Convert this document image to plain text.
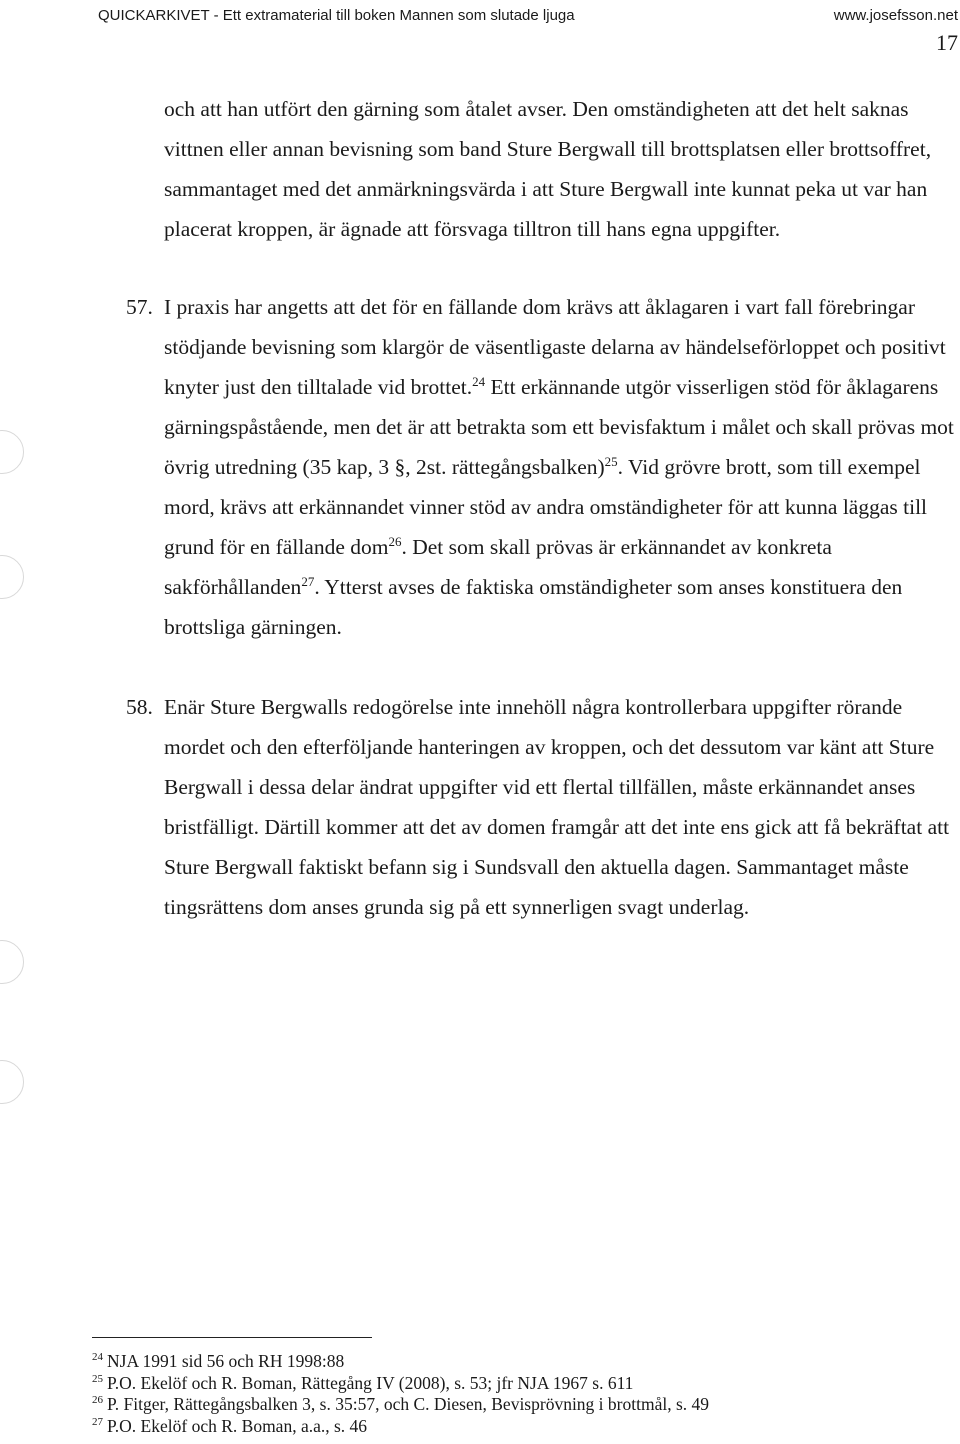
QUICKARKIVET - Ett extramaterial till boken Mannen som slutade ljuga	www.josefsson.net
17

och att han utfört den gärning som åtalet avser. Den omständigheten att det helt saknas vittnen eller annan bevisning som band Sture Bergwall till brottsplatsen eller brottsoffret, sammantaget med det anmärkningsvärda i att Sture Bergwall inte kunnat peka ut var han placerat kroppen, är ägnade att försvaga tilltron till hans egna uppgifter.

57. I praxis har angetts att det för en fällande dom krävs att åklagaren i vart fall förebringar stödjande bevisning som klargör de väsentligaste delarna av händelseförloppet och positivt knyter just den tilltalade vid brottet.$^{24}$ Ett erkännande utgör visserligen stöd för åklagarens gärningspåstående, men det är att betrakta som ett bevisfaktum i målet och skall prövas mot övrig utredning (35 kap, 3 §, 2st. rättegångsbalken)$^{25}$. Vid grövre brott, som till exempel mord, krävs att erkännandet vinner stöd av andra omständigheter för att kunna läggas till grund för en fällande dom$^{26}$. Det som skall prövas är erkännandet av konkreta sakförhållanden$^{27}$. Ytterst avses de faktiska omständigheter som anses konstituera den brottsliga gärningen.

58. Enär Sture Bergwalls redogörelse inte innehöll några kontrollerbara uppgifter rörande mordet och den efterföljande hanteringen av kroppen, och det dessutom var känt att Sture Bergwall i dessa delar ändrat uppgifter vid ett flertal tillfällen, måste erkännandet anses bristfälligt. Därtill kommer att det av domen framgår att det inte ens gick att få bekräftat att Sture Bergwall faktiskt befann sig i Sundsvall den aktuella dagen. Sammantaget måste tingsrättens dom anses grunda sig på ett synnerligen svagt underlag.

$^{24}$ NJA 1991 sid 56 och RH 1998:88
$^{25}$ P.O. Ekelöf och R. Boman, Rättegång IV (2008), s. 53; jfr NJA 1967 s. 611
$^{26}$ P. Fitger, Rättegångsbalken 3, s. 35:57, och C. Diesen, Bevisprövning i brottmål, s. 49
$^{27}$ P.O. Ekelöf och R. Boman, a.a., s. 46
